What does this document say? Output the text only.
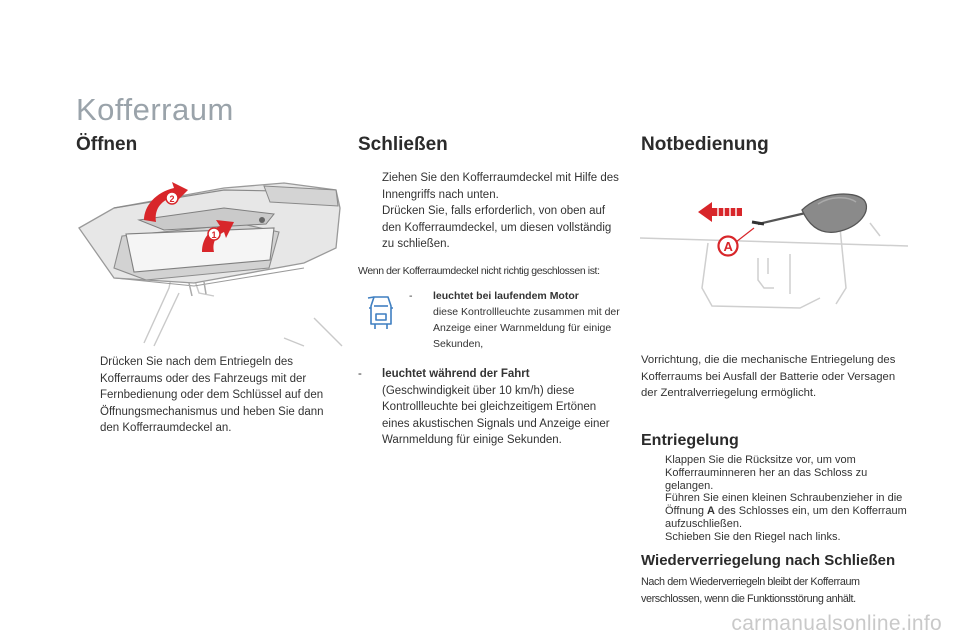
Kofferraum
Öffnen
2
1
Drücken Sie nach dem Entriegeln des Kofferraums oder des Fahrzeugs mit der Fernbedienung oder dem Schlüssel auf den Öffnungsmechanismus und heben Sie dann den Kofferraumdeckel an.
Schließen
Ziehen Sie den Kofferraumdeckel mit Hilfe des Innengriffs nach unten.
Drücken Sie, falls erforderlich, von oben auf den Kofferraumdeckel, um diesen vollständig zu schließen.
Wenn der Kofferraumdeckel nicht richtig geschlossen ist:
- leuchtet bei laufendem Motor
diese Kontrollleuchte zusammen mit der Anzeige einer Warnmeldung für einige Sekunden,
- leuchtet während der Fahrt
(Geschwindigkeit über 10 km/h) diese Kontrollleuchte bei gleichzeitigem Ertönen eines akustischen Signals und Anzeige einer Warnmeldung für einige Sekunden.
Notbedienung
A
Vorrichtung, die die mechanische Entriegelung des Kofferraums bei Ausfall der Batterie oder Versagen der Zentralverriegelung ermöglicht.
Entriegelung
Klappen Sie die Rücksitze vor, um vom Kofferrauminneren her an das Schloss zu gelangen.
Führen Sie einen kleinen Schraubenzieher in die Öffnung A des Schlosses ein, um den Kofferraum aufzuschließen.
Schieben Sie den Riegel nach links.
Wiederverriegelung nach Schließen
Nach dem Wiederverriegeln bleibt der Kofferraum verschlossen, wenn die Funktionsstörung anhält.
carmanualsonline.info
